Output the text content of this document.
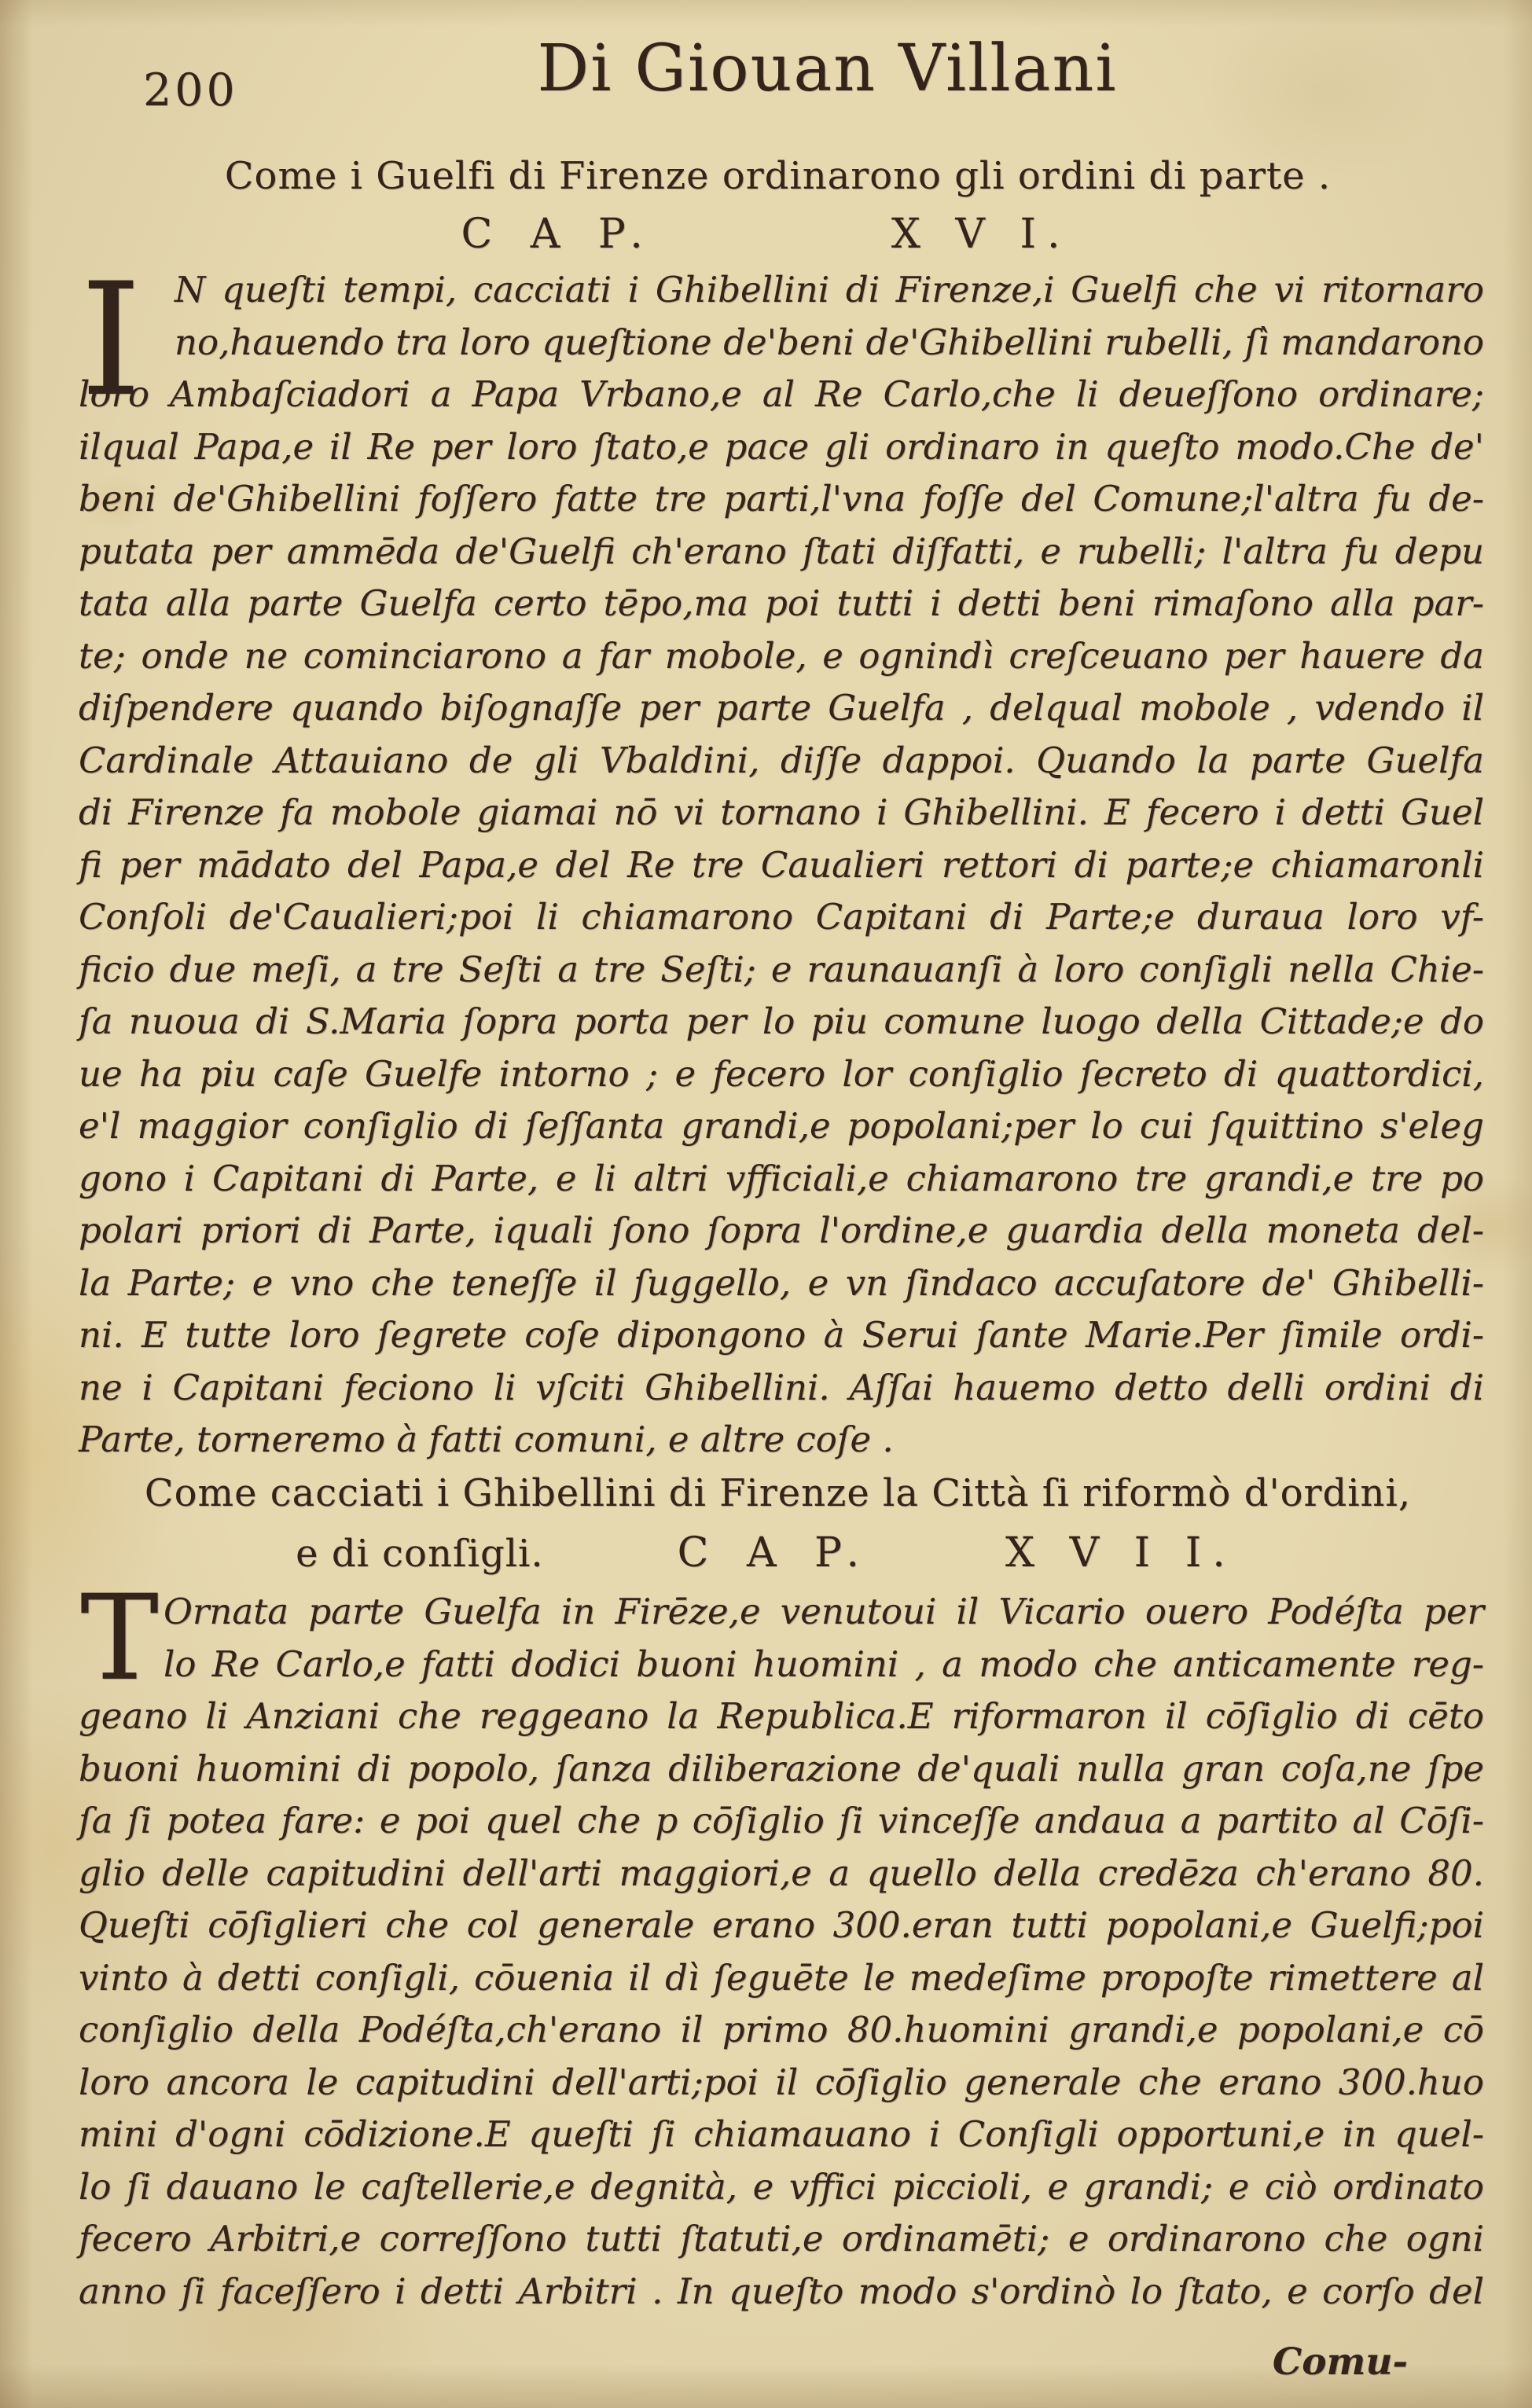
200	Di Giouan Villani
Come i Guelfi di Firenze ordinarono gli ordini di parte .
C A P.	X V I.
I N queſti tempi, cacciati i Ghibellini di Firenze,i Guelfi che vi ritornaro
no,hauendo tra loro queſtione de'beni de'Ghibellini rubelli, ſì mandarono
loro Ambaſciadori a Papa Vrbano,e al Re Carlo,che li deueſſono ordinare;
ilqual Papa,e il Re per loro ſtato,e pace gli ordinaro in queſto modo.Che de'
beni de'Ghibellini foſſero fatte tre parti,l'vna foſſe del Comune;l'altra fu de-
putata per ammēda de'Guelfi ch'erano ſtati diſfatti, e rubelli; l'altra fu depu
tata alla parte Guelfa certo tēpo,ma poi tutti i detti beni rimaſono alla par-
te; onde ne cominciarono a far mobole, e ognindì creſceuano per hauere da
diſpendere quando biſognaſſe per parte Guelfa , delqual mobole , vdendo il
Cardinale Attauiano de gli Vbaldini, diſſe dappoi. Quando la parte Guelfa
di Firenze fa mobole giamai nō vi tornano i Ghibellini. E fecero i detti Guel
fi per mādato del Papa,e del Re tre Caualieri rettori di parte;e chiamaronli
Conſoli de'Caualieri;poi li chiamarono Capitani di Parte;e duraua loro vf-
ficio due meſi, a tre Seſti a tre Seſti; e raunauanſi à loro conſigli nella Chie-
ſa nuoua di S.Maria ſopra porta per lo piu comune luogo della Cittade;e do
ue ha piu caſe Guelfe intorno ; e fecero lor conſiglio ſecreto di quattordici,
e'l maggior conſiglio di ſeſſanta grandi,e popolani;per lo cui ſquittino s'eleg
gono i Capitani di Parte, e li altri vfficiali,e chiamarono tre grandi,e tre po
polari priori di Parte, iquali ſono ſopra l'ordine,e guardia della moneta del-
la Parte; e vno che teneſſe il ſuggello, e vn ſindaco accuſatore de' Ghibelli-
ni. E tutte loro ſegrete coſe dipongono à Serui ſante Marie.Per ſimile ordi-
ne i Capitani feciono li vſciti Ghibellini. Aſſai hauemo detto delli ordini di
Parte, torneremo à fatti comuni, e altre coſe .
Come cacciati i Ghibellini di Firenze la Città ſi riformò d'ordini,
e di conſigli.	C A P.	X V I I.
T Ornata parte Guelfa in Firēze,e venutoui il Vicario ouero Podéſta per
lo Re Carlo,e fatti dodici buoni huomini , a modo che anticamente reg-
geano li Anziani che reggeano la Republica.E riformaron il cōſiglio di cēto
buoni huomini di popolo, ſanza diliberazione de'quali nulla gran coſa,ne ſpe
ſa ſi potea fare: e poi quel che p cōſiglio ſi vinceſſe andaua a partito al Cōſi-
glio delle capitudini dell'arti maggiori,e a quello della credēza ch'erano 80.
Queſti cōſiglieri che col generale erano 300.eran tutti popolani,e Guelfi;poi
vinto à detti conſigli, cōuenia il dì ſeguēte le medeſime propoſte rimettere al
conſiglio della Podéſta,ch'erano il primo 80.huomini grandi,e popolani,e cō
loro ancora le capitudini dell'arti;poi il cōſiglio generale che erano 300.huo
mini d'ogni cōdizione.E queſti ſi chiamauano i Conſigli opportuni,e in quel-
lo ſi dauano le caſtellerie,e degnità, e vffici piccioli, e grandi; e ciò ordinato
fecero Arbitri,e correſſono tutti ſtatuti,e ordinamēti; e ordinarono che ogni
anno ſi faceſſero i detti Arbitri . In queſto modo s'ordinò lo ſtato, e corſo del
Comu-
